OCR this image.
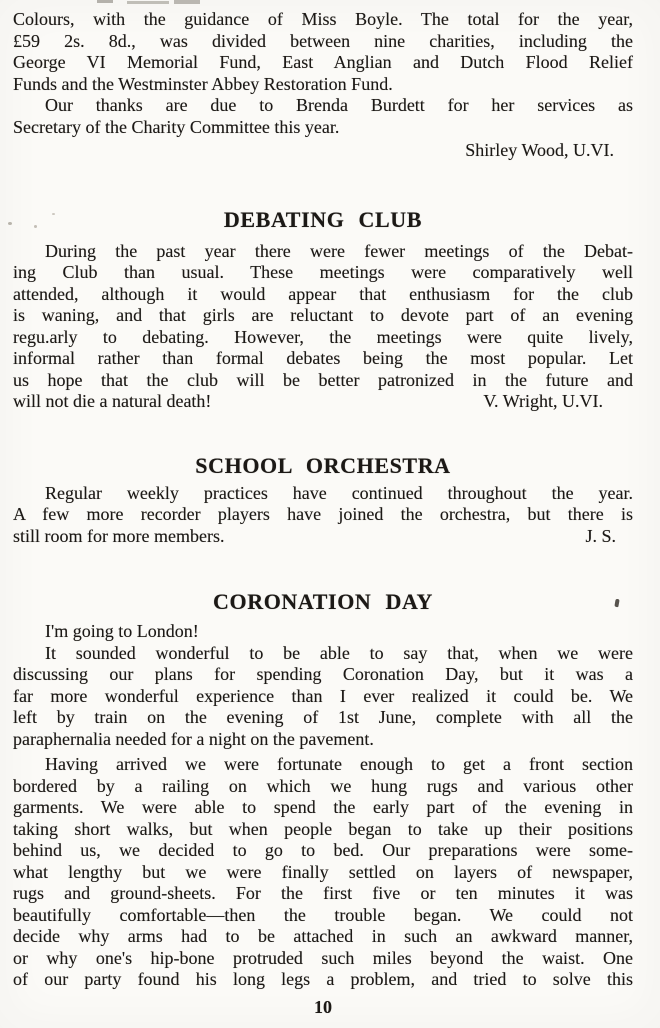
Colours, with the guidance of Miss Boyle. The total for the year,
£59 2s. 8d., was divided between nine charities, including the
George VI Memorial Fund, East Anglian and Dutch Flood Relief
Funds and the Westminster Abbey Restoration Fund.
Our thanks are due to Brenda Burdett for her services as
Secretary of the Charity Committee this year.
Shirley Wood, U.VI.
DEBATING CLUB
During the past year there were fewer meetings of the Debat-
ing Club than usual. These meetings were comparatively well
attended, although it would appear that enthusiasm for the club
is waning, and that girls are reluctant to devote part of an evening
regu.arly to debating. However, the meetings were quite lively,
informal rather than formal debates being the most popular. Let
us hope that the club will be better patronized in the future and
will not die a natural death!	V. Wright, U.VI.
SCHOOL ORCHESTRA
Regular weekly practices have continued throughout the year.
A few more recorder players have joined the orchestra, but there is
still room for more members.	J. S.
CORONATION DAY
I'm going to London!
It sounded wonderful to be able to say that, when we were
discussing our plans for spending Coronation Day, but it was a
far more wonderful experience than I ever realized it could be. We
left by train on the evening of 1st June, complete with all the
paraphernalia needed for a night on the pavement.
Having arrived we were fortunate enough to get a front section
bordered by a railing on which we hung rugs and various other
garments. We were able to spend the early part of the evening in
taking short walks, but when people began to take up their positions
behind us, we decided to go to bed. Our preparations were some-
what lengthy but we were finally settled on layers of newspaper,
rugs and ground-sheets. For the first five or ten minutes it was
beautifully comfortable—then the trouble began. We could not
decide why arms had to be attached in such an awkward manner,
or why one's hip-bone protruded such miles beyond the waist. One
of our party found his long legs a problem, and tried to solve this
10
